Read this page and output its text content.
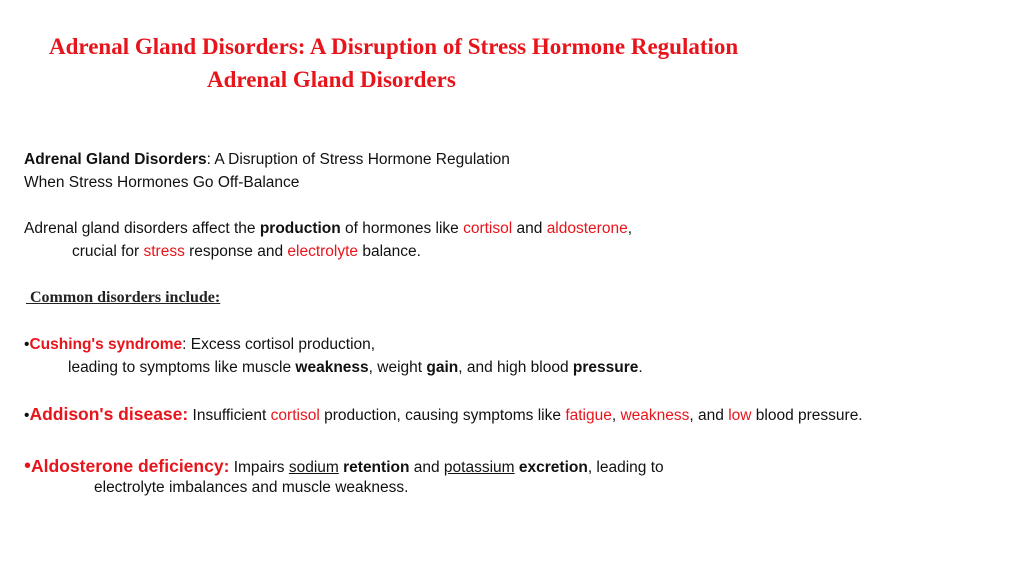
Adrenal Gland Disorders: A Disruption of Stress Hormone Regulation
Adrenal Gland Disorders

Adrenal Gland Disorders: A Disruption of Stress Hormone Regulation

When Stress Hormones Go Off-Balance

Adrenal gland disorders affect the production of hormones like cortisol and aldosterone,

crucial for stress response and electrolyte balance.

Common disorders include:

•Cushing's syndrome: Excess cortisol production,

leading to symptoms like muscle weakness, weight gain, and high blood pressure.

•Addison's disease: Insufficient cortisol production, causing symptoms like fatigue, weakness, and low blood pressure.

•Aldosterone deficiency: Impairs sodium retention and potassium excretion, leading to

electrolyte imbalances and muscle weakness.
